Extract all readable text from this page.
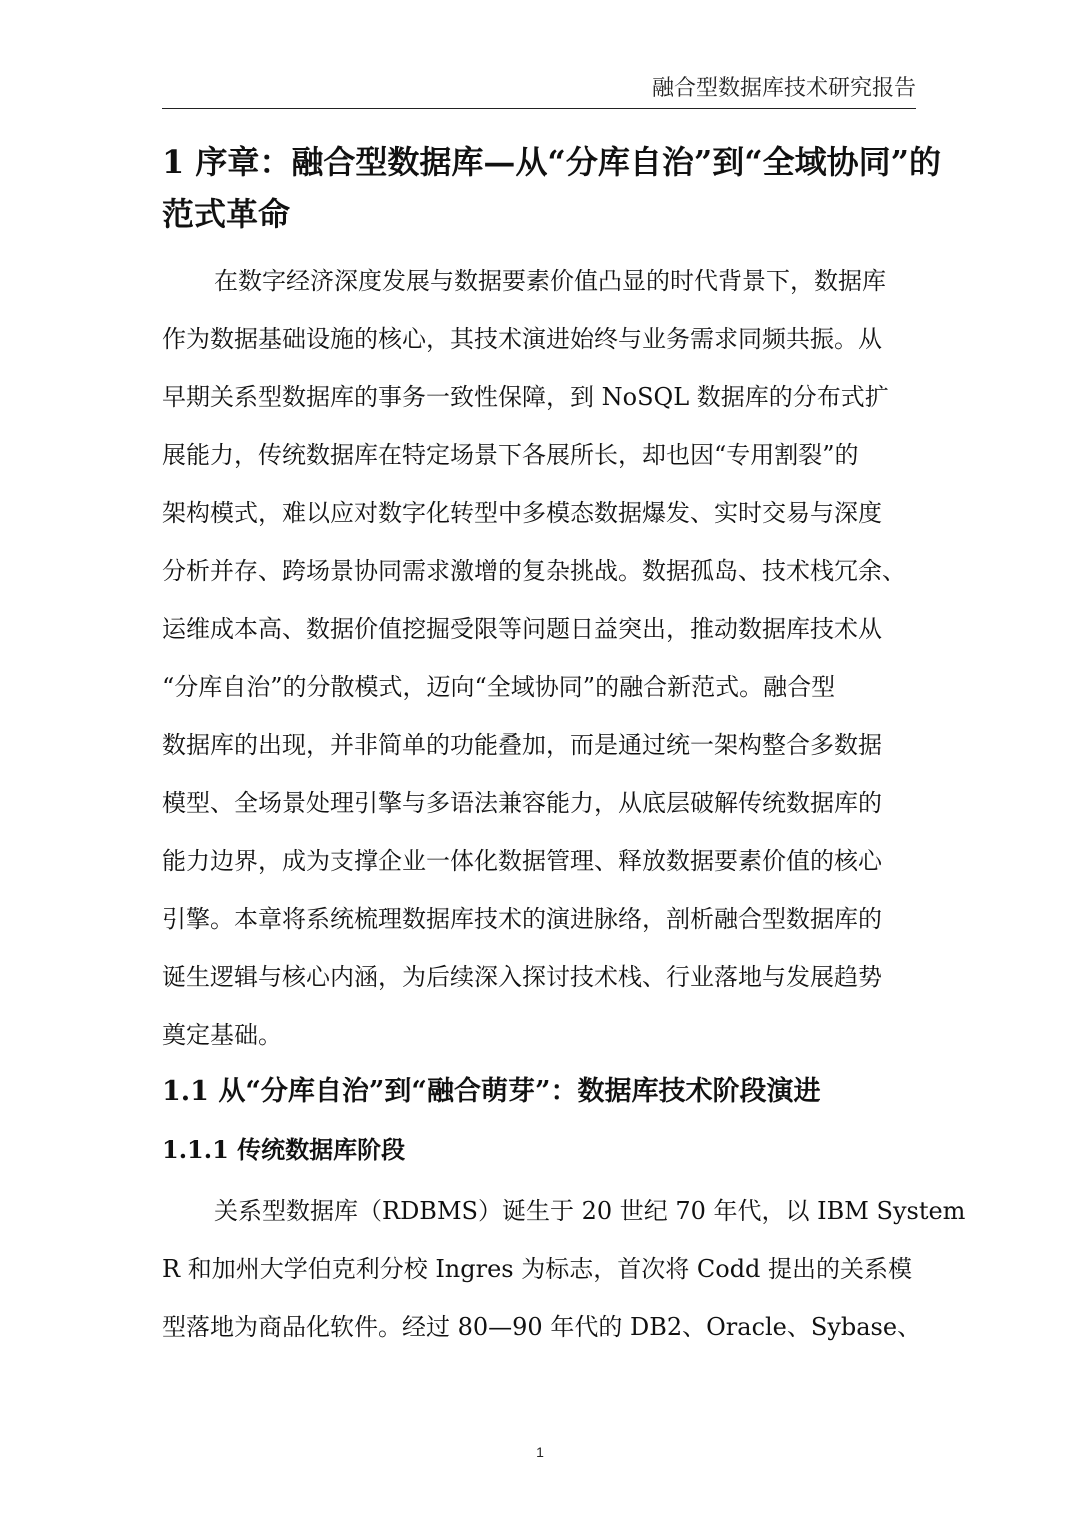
融合型数据库技术研究报告
1 序章：融合型数据库—从“分库自治”到“全域协同”的
范式革命
在数字经济深度发展与数据要素价值凸显的时代背景下，数据库
作为数据基础设施的核心，其技术演进始终与业务需求同频共振。从
早期关系型数据库的事务一致性保障，到 NoSQL 数据库的分布式扩
展能力，传统数据库在特定场景下各展所长，却也因“专用割裂”的
架构模式，难以应对数字化转型中多模态数据爆发、实时交易与深度
分析并存、跨场景协同需求激增的复杂挑战。数据孤岛、技术栈冗余、
运维成本高、数据价值挖掘受限等问题日益突出，推动数据库技术从
“分库自治”的分散模式，迈向“全域协同”的融合新范式。融合型
数据库的出现，并非简单的功能叠加，而是通过统一架构整合多数据
模型、全场景处理引擎与多语法兼容能力，从底层破解传统数据库的
能力边界，成为支撑企业一体化数据管理、释放数据要素价值的核心
引擎。本章将系统梳理数据库技术的演进脉络，剖析融合型数据库的
诞生逻辑与核心内涵，为后续深入探讨技术栈、行业落地与发展趋势
奠定基础。
1.1 从“分库自治”到“融合萌芽”：数据库技术阶段演进
1.1.1 传统数据库阶段
关系型数据库（RDBMS）诞生于 20 世纪 70 年代，以 IBM System
R 和加州大学伯克利分校 Ingres 为标志，首次将 Codd 提出的关系模
型落地为商品化软件。经过 80—90 年代的 DB2、Oracle、Sybase、
1
